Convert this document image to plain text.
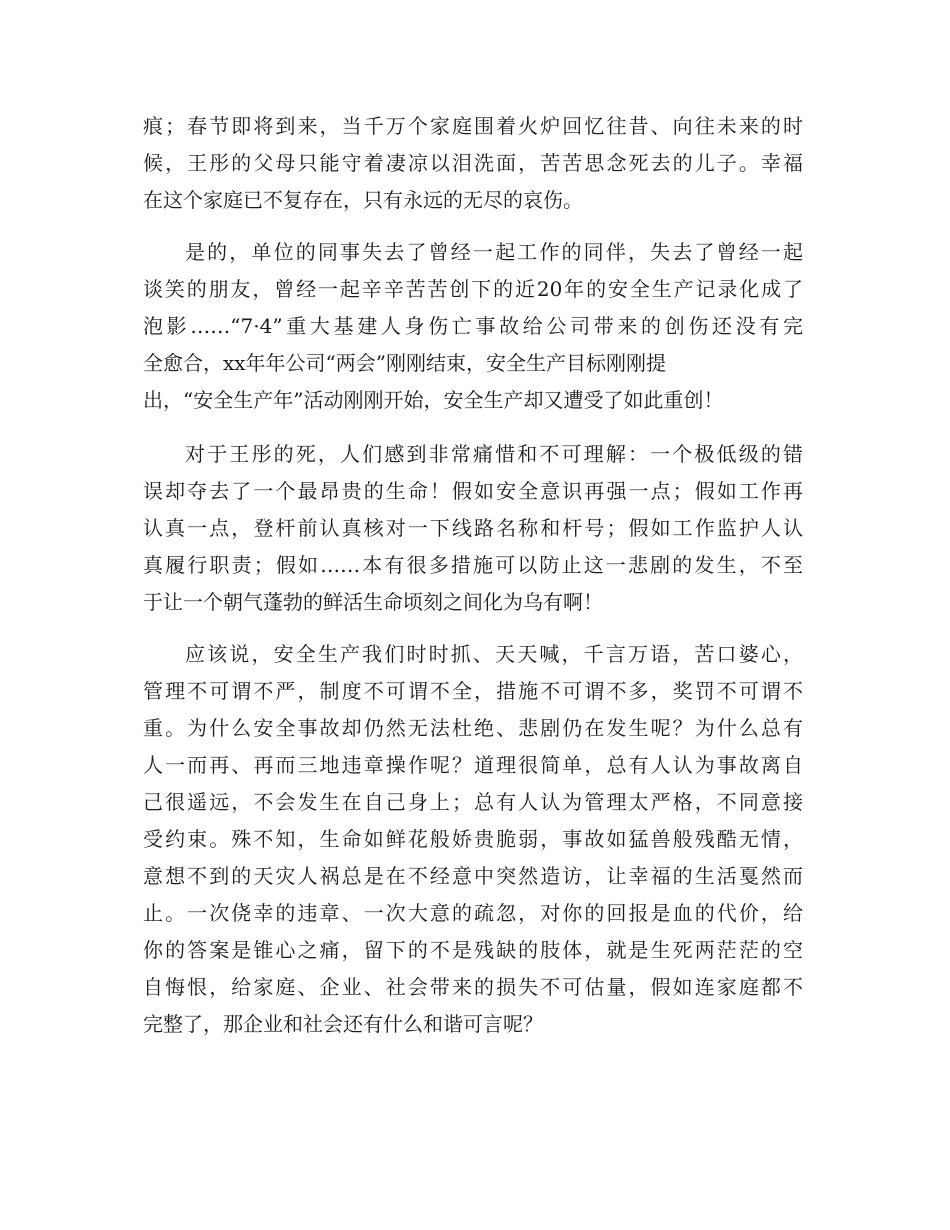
痕；春节即将到来，当千万个家庭围着火炉回忆往昔、向往未来的时
候，王彤的父母只能守着凄凉以泪洗面，苦苦思念死去的儿子。幸福
在这个家庭已不复存在，只有永远的无尽的哀伤。

是的，单位的同事失去了曾经一起工作的同伴，失去了曾经一起
谈笑的朋友，曾经一起辛辛苦苦创下的近20年的安全生产记录化成了
泡影……“7·4”重大基建人身伤亡事故给公司带来的创伤还没有完
全愈合，xx年年公司“两会”刚刚结束，安全生产目标刚刚提
出，“安全生产年”活动刚刚开始，安全生产却又遭受了如此重创！

对于王彤的死，人们感到非常痛惜和不可理解：一个极低级的错
误却夺去了一个最昂贵的生命！假如安全意识再强一点；假如工作再
认真一点，登杆前认真核对一下线路名称和杆号；假如工作监护人认
真履行职责；假如……本有很多措施可以防止这一悲剧的发生，不至
于让一个朝气蓬勃的鲜活生命顷刻之间化为乌有啊！

应该说，安全生产我们时时抓、天天喊，千言万语，苦口婆心，
管理不可谓不严，制度不可谓不全，措施不可谓不多，奖罚不可谓不
重。为什么安全事故却仍然无法杜绝、悲剧仍在发生呢？为什么总有
人一而再、再而三地违章操作呢？道理很简单，总有人认为事故离自
己很遥远，不会发生在自己身上；总有人认为管理太严格，不同意接
受约束。殊不知，生命如鲜花般娇贵脆弱，事故如猛兽般残酷无情，
意想不到的天灾人祸总是在不经意中突然造访，让幸福的生活戛然而
止。一次侥幸的违章、一次大意的疏忽，对你的回报是血的代价，给
你的答案是锥心之痛，留下的不是残缺的肢体，就是生死两茫茫的空
自悔恨，给家庭、企业、社会带来的损失不可估量，假如连家庭都不
完整了，那企业和社会还有什么和谐可言呢？
